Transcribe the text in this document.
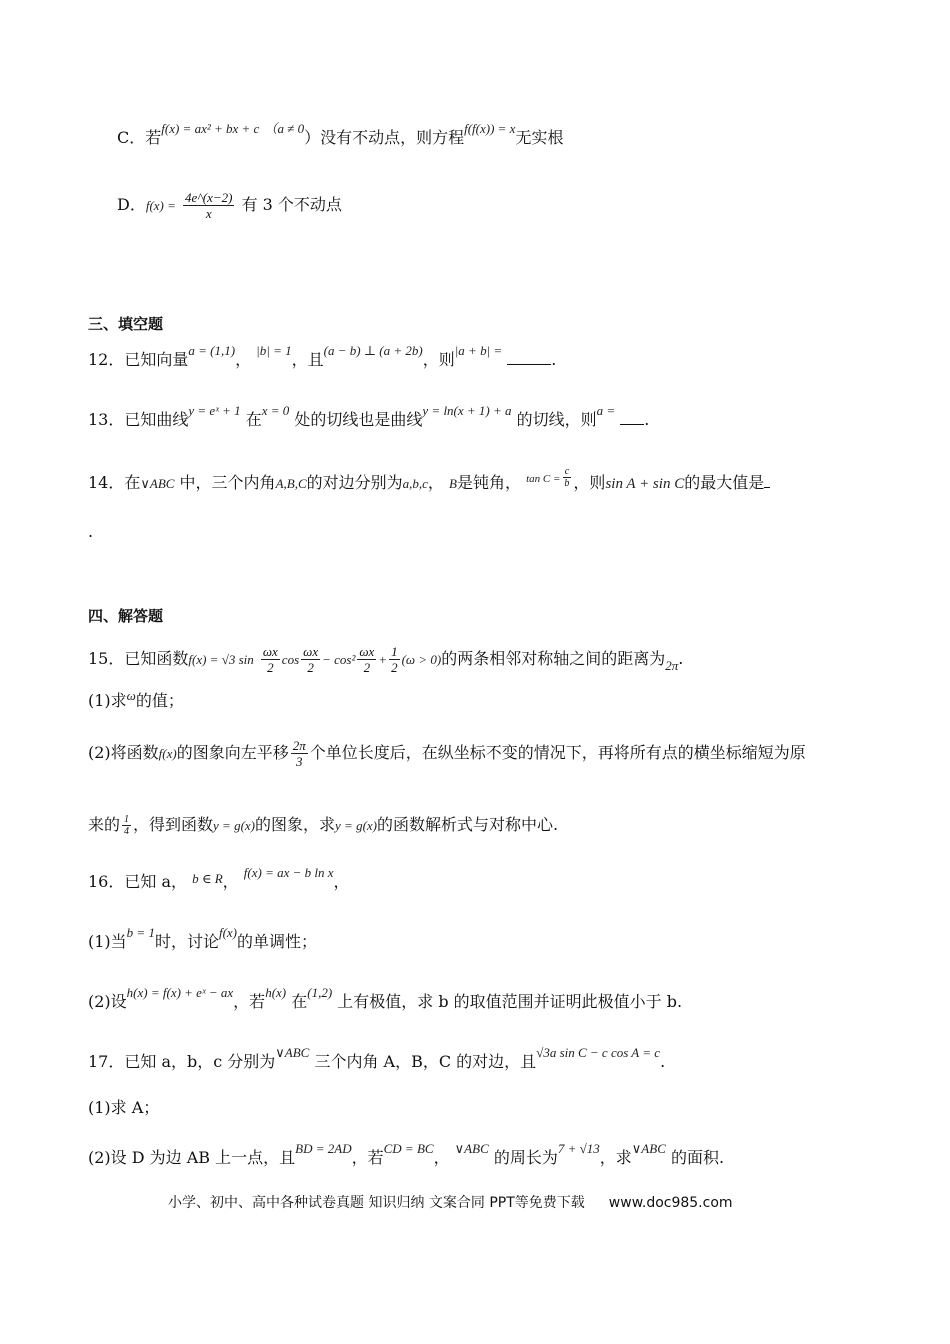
C．若$^{f(x) = ax^2 + bx + c}$ $^{(a \ne 0}$）没有不动点，则方程$^{f(f(x)) = x}$无实根
D．$f(x) = \frac{4e\^{}(x-2)}{x}$ 有 3 个不动点
三、填空题
12．已知向量$^{a = (1,1)}$， $^{|b| = 1}$，且$^{(a - b) \perp (a + 2b)}$，则$^{|a + b| =}$	.
13．已知曲线$^{y = eˣ + 1}$ 在$^{x = 0}$ 处的切线也是曲线$^{y = ln(x + 1) + a}$ 的切线，则$^{a =}$ .
14．在∨ABC 中，三个内角A,B,C的对边分别为a,b,c， B是钝角， $^{tan C =} \frac{c}{b}$ ，则sin A + sin C的最大值是
.
四、解答题
15．已知函数f(x) = √3 $\sin \frac{\omega x}{2}$ $\cos \frac{\omega x}{2} - \cos^2 \frac{\omega x}{2} + \frac{1}{2} (\omega > 0)$的两条相邻对称轴之间的距离为$_{2\pi}$.
(1)求$^\omega$的值；
(2)将函数f(x)的图象向左平移 $\frac{2\pi}{3}$ 个单位长度后，在纵坐标不变的情况下，再将所有点的横坐标缩短为原
来的 $\frac{1}{4}$ ，得到函数y = g(x)的图象，求y = g(x)的函数解析式与对称中心.
16．已知 a， $^{b \in R}$， $^{f(x) = ax - b ln x}$，
(1)当$^{b = 1}$时，讨论$^{f(x)}$的单调性；
(2)设$^{h(x) = f(x) + eˣ - ax}$，若$^{h(x)}$ 在$^{(1,2)}$ 上有极值，求 b 的取值范围并证明此极值小于 b.
17．已知 a，b，c 分别为$^{\vee ABC}$ 三个内角 A，B，C 的对边，且$^{√3a sin C - c cos A = c}$.
(1)求 A；
(2)设 D 为边 AB 上一点，且$^{BD = 2AD}$，若$^{CD = BC}$， $^{\vee ABC}$ 的周长为$^{7 + √13}$，求$^{\vee ABC}$ 的面积.
小学、初中、高中各种试卷真题 知识归纳 文案合同 PPT等免费下载 www.doc985.com
